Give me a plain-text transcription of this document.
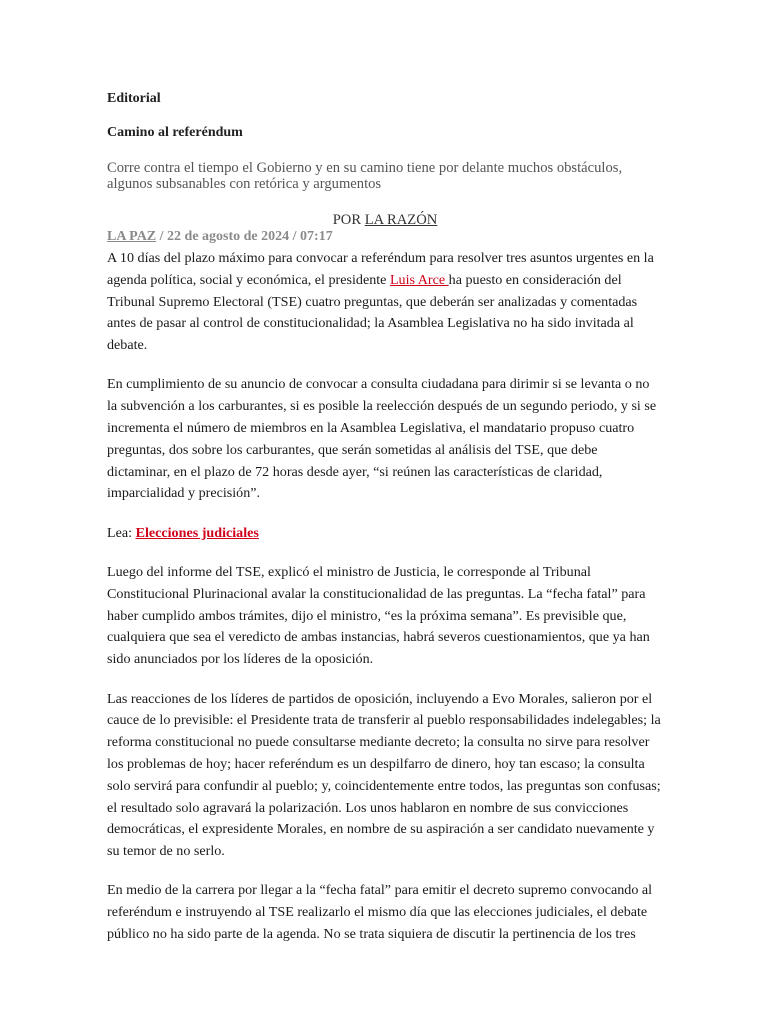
Editorial
Camino al referéndum

Corre contra el tiempo el Gobierno y en su camino tiene por delante muchos obstáculos, algunos subsanables con retórica y argumentos

POR LA RAZÓN
LA PAZ / 22 de agosto de 2024 / 07:17

A 10 días del plazo máximo para convocar a referéndum para resolver tres asuntos urgentes en la agenda política, social y económica, el presidente Luis Arce ha puesto en consideración del Tribunal Supremo Electoral (TSE) cuatro preguntas, que deberán ser analizadas y comentadas antes de pasar al control de constitucionalidad; la Asamblea Legislativa no ha sido invitada al debate.

En cumplimiento de su anuncio de convocar a consulta ciudadana para dirimir si se levanta o no la subvención a los carburantes, si es posible la reelección después de un segundo periodo, y si se incrementa el número de miembros en la Asamblea Legislativa, el mandatario propuso cuatro preguntas, dos sobre los carburantes, que serán sometidas al análisis del TSE, que debe dictaminar, en el plazo de 72 horas desde ayer, “si reúnen las características de claridad, imparcialidad y precisión”.

Lea: Elecciones judiciales

Luego del informe del TSE, explicó el ministro de Justicia, le corresponde al Tribunal Constitucional Plurinacional avalar la constitucionalidad de las preguntas. La “fecha fatal” para haber cumplido ambos trámites, dijo el ministro, “es la próxima semana”. Es previsible que, cualquiera que sea el veredicto de ambas instancias, habrá severos cuestionamientos, que ya han sido anunciados por los líderes de la oposición.

Las reacciones de los líderes de partidos de oposición, incluyendo a Evo Morales, salieron por el cauce de lo previsible: el Presidente trata de transferir al pueblo responsabilidades indelegables; la reforma constitucional no puede consultarse mediante decreto; la consulta no sirve para resolver los problemas de hoy; hacer referéndum es un despilfarro de dinero, hoy tan escaso; la consulta solo servirá para confundir al pueblo; y, coincidentemente entre todos, las preguntas son confusas; el resultado solo agravará la polarización. Los unos hablaron en nombre de sus convicciones democráticas, el expresidente Morales, en nombre de su aspiración a ser candidato nuevamente y su temor de no serlo.

En medio de la carrera por llegar a la “fecha fatal” para emitir el decreto supremo convocando al referéndum e instruyendo al TSE realizarlo el mismo día que las elecciones judiciales, el debate público no ha sido parte de la agenda. No se trata siquiera de discutir la pertinencia de los tres
